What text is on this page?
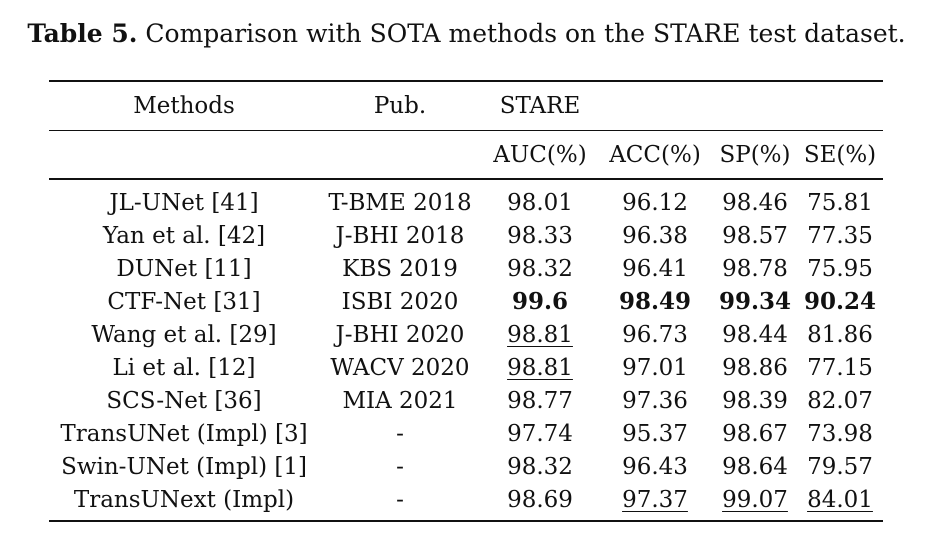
Table 5. Comparison with SOTA methods on the STARE test dataset.
Methods	Pub.	STARE
AUC(%) ACC(%) SP(%) SE(%)
JL-UNet [41]	T-BME 2018	98.01	96.12	98.46 75.81
Yan et al. [42]	J-BHI 2018	98.33	96.38	98.57 77.35
DUNet [11]	KBS 2019	98.32	96.41	98.78 75.95
CTF-Net [31]	ISBI 2020	99.6	98.49	99.34 90.24
Wang et al. [29]	J-BHI 2020	98.81	96.73	98.44 81.86
Li et al. [12]	WACV 2020	98.81	97.01	98.86 77.15
SCS-Net [36]	MIA 2021	98.77	97.36	98.39 82.07
TransUNet (Impl) [3]	-	97.74	95.37	98.67 73.98
Swin-UNet (Impl) [1]	-	98.32	96.43	98.64 79.57
TransUNext (Impl)	-	98.69	97.37	99.07 84.01
